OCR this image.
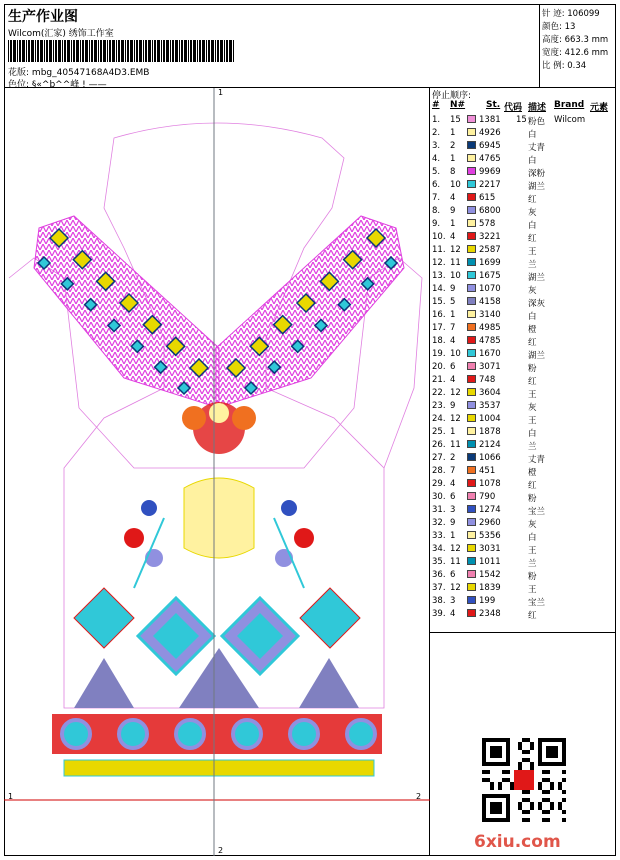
生产作业图
Wilcom(汇家) 绣饰工作室
花版: mbg_40547168A4D3.EMB
色位: §«^b^^峰 ! ——
针 迹: 106099
颜色: 13
高度: 663.3 mm
宽度: 412.6 mm
比 例: 0.34
1
1	2
2
停止顺序:
# N# St. 代码 描述 Brand 元素
1. 15 1381 15 粉色 Wilcom
2. 1	4926	白
3. 2	6945	丈青
4. 1	4765	白
5. 8	9969	深粉
6. 10 2217	湖兰
7. 4	615	红
8. 9	6800	灰
9. 1	578	白
10. 4	3221	红
11. 12 2587	王
12. 11 1699	兰
13. 10 1675	湖兰
14. 9	1070	灰
15. 5	4158	深灰
16. 1	3140	白
17. 7	4985	橙
18. 4	4785	红
19. 10 1670	湖兰
20. 6	3071	粉
21. 4	748	红
22. 12 3604	王
23. 9	3537	灰
24. 12 1004	王
25. 1	1878	白
26. 11 2124	兰
27. 2	1066	丈青
28. 7	451	橙
29. 4	1078	红
30. 6	790	粉
31. 3	1274	宝兰
32. 9	2960	灰
33. 1	5356	白
34. 12 3031	王
35. 11 1011	兰
36. 6	1542	粉
37. 12 1839	王
38. 3	199	宝兰
39. 4	2348	红
6xiu.com
